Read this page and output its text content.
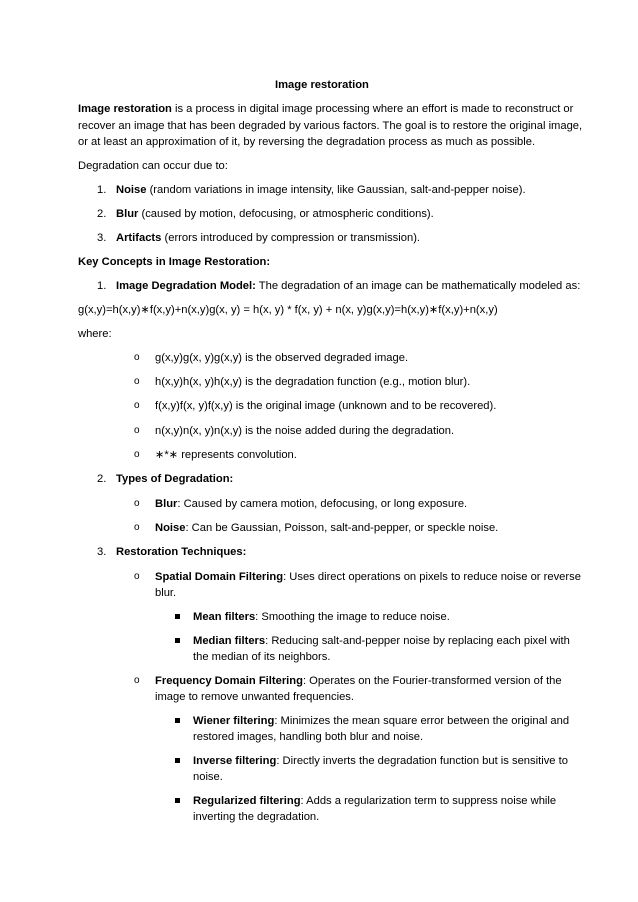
Image restoration
Image restoration is a process in digital image processing where an effort is made to reconstruct or
recover an image that has been degraded by various factors. The goal is to restore the original image,
or at least an approximation of it, by reversing the degradation process as much as possible.
Degradation can occur due to:
1. Noise (random variations in image intensity, like Gaussian, salt-and-pepper noise).
2. Blur (caused by motion, defocusing, or atmospheric conditions).
3. Artifacts (errors introduced by compression or transmission).
Key Concepts in Image Restoration:
1. Image Degradation Model: The degradation of an image can be mathematically modeled as:
g(x,y)=h(x,y)∗f(x,y)+n(x,y)g(x, y) = h(x, y) * f(x, y) + n(x, y)g(x,y)=h(x,y)∗f(x,y)+n(x,y)
where:
o g(x,y)g(x, y)g(x,y) is the observed degraded image.
o h(x,y)h(x, y)h(x,y) is the degradation function (e.g., motion blur).
o f(x,y)f(x, y)f(x,y) is the original image (unknown and to be recovered).
o n(x,y)n(x, y)n(x,y) is the noise added during the degradation.
o ∗*∗ represents convolution.
2. Types of Degradation:
o Blur: Caused by camera motion, defocusing, or long exposure.
o Noise: Can be Gaussian, Poisson, salt-and-pepper, or speckle noise.
3. Restoration Techniques:
o Spatial Domain Filtering: Uses direct operations on pixels to reduce noise or reverse
blur.
Mean filters: Smoothing the image to reduce noise.
Median filters: Reducing salt-and-pepper noise by replacing each pixel with
the median of its neighbors.
o Frequency Domain Filtering: Operates on the Fourier-transformed version of the
image to remove unwanted frequencies.
Wiener filtering: Minimizes the mean square error between the original and
restored images, handling both blur and noise.
Inverse filtering: Directly inverts the degradation function but is sensitive to
noise.
Regularized filtering: Adds a regularization term to suppress noise while
inverting the degradation.
